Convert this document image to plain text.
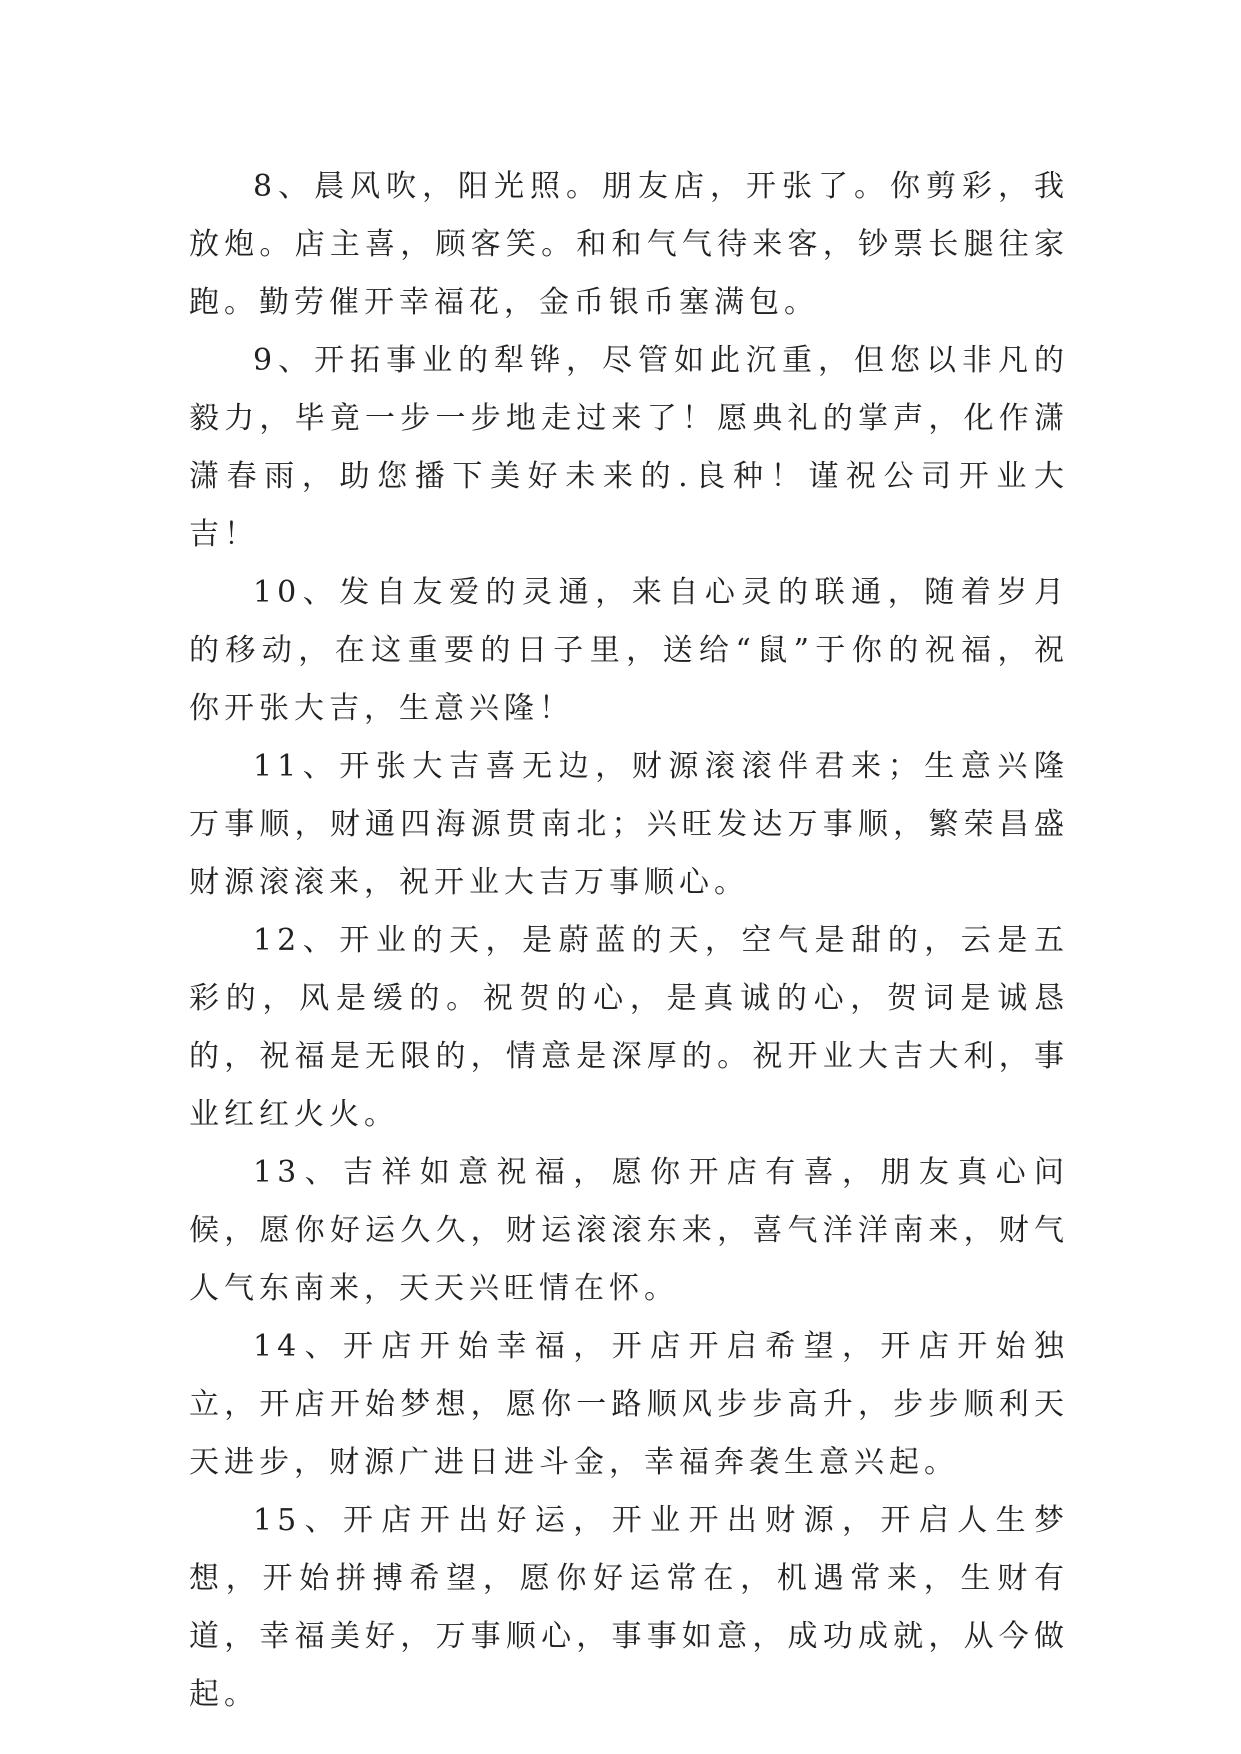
8、晨风吹，阳光照。朋友店，开张了。你剪彩，我放炮。店主喜，顾客笑。和和气气待来客，钞票长腿往家跑。勤劳催开幸福花，金币银币塞满包。

9、开拓事业的犁铧，尽管如此沉重，但您以非凡的毅力，毕竟一步一步地走过来了！愿典礼的掌声，化作潇潇春雨，助您播下美好未来的.良种！谨祝公司开业大吉！

10、发自友爱的灵通，来自心灵的联通，随着岁月的移动，在这重要的日子里，送给“鼠”于你的祝福，祝你开张大吉，生意兴隆！

11、开张大吉喜无边，财源滚滚伴君来；生意兴隆万事顺，财通四海源贯南北；兴旺发达万事顺，繁荣昌盛财源滚滚来，祝开业大吉万事顺心。

12、开业的天，是蔚蓝的天，空气是甜的，云是五彩的，风是缓的。祝贺的心，是真诚的心，贺词是诚恳的，祝福是无限的，情意是深厚的。祝开业大吉大利，事业红红火火。

13、吉祥如意祝福，愿你开店有喜，朋友真心问候，愿你好运久久，财运滚滚东来，喜气洋洋南来，财气人气东南来，天天兴旺情在怀。

14、开店开始幸福，开店开启希望，开店开始独立，开店开始梦想，愿你一路顺风步步高升，步步顺利天天进步，财源广进日进斗金，幸福奔袭生意兴起。

15、开店开出好运，开业开出财源，开启人生梦想，开始拼搏希望，愿你好运常在，机遇常来，生财有道，幸福美好，万事顺心，事事如意，成功成就，从今做起。
